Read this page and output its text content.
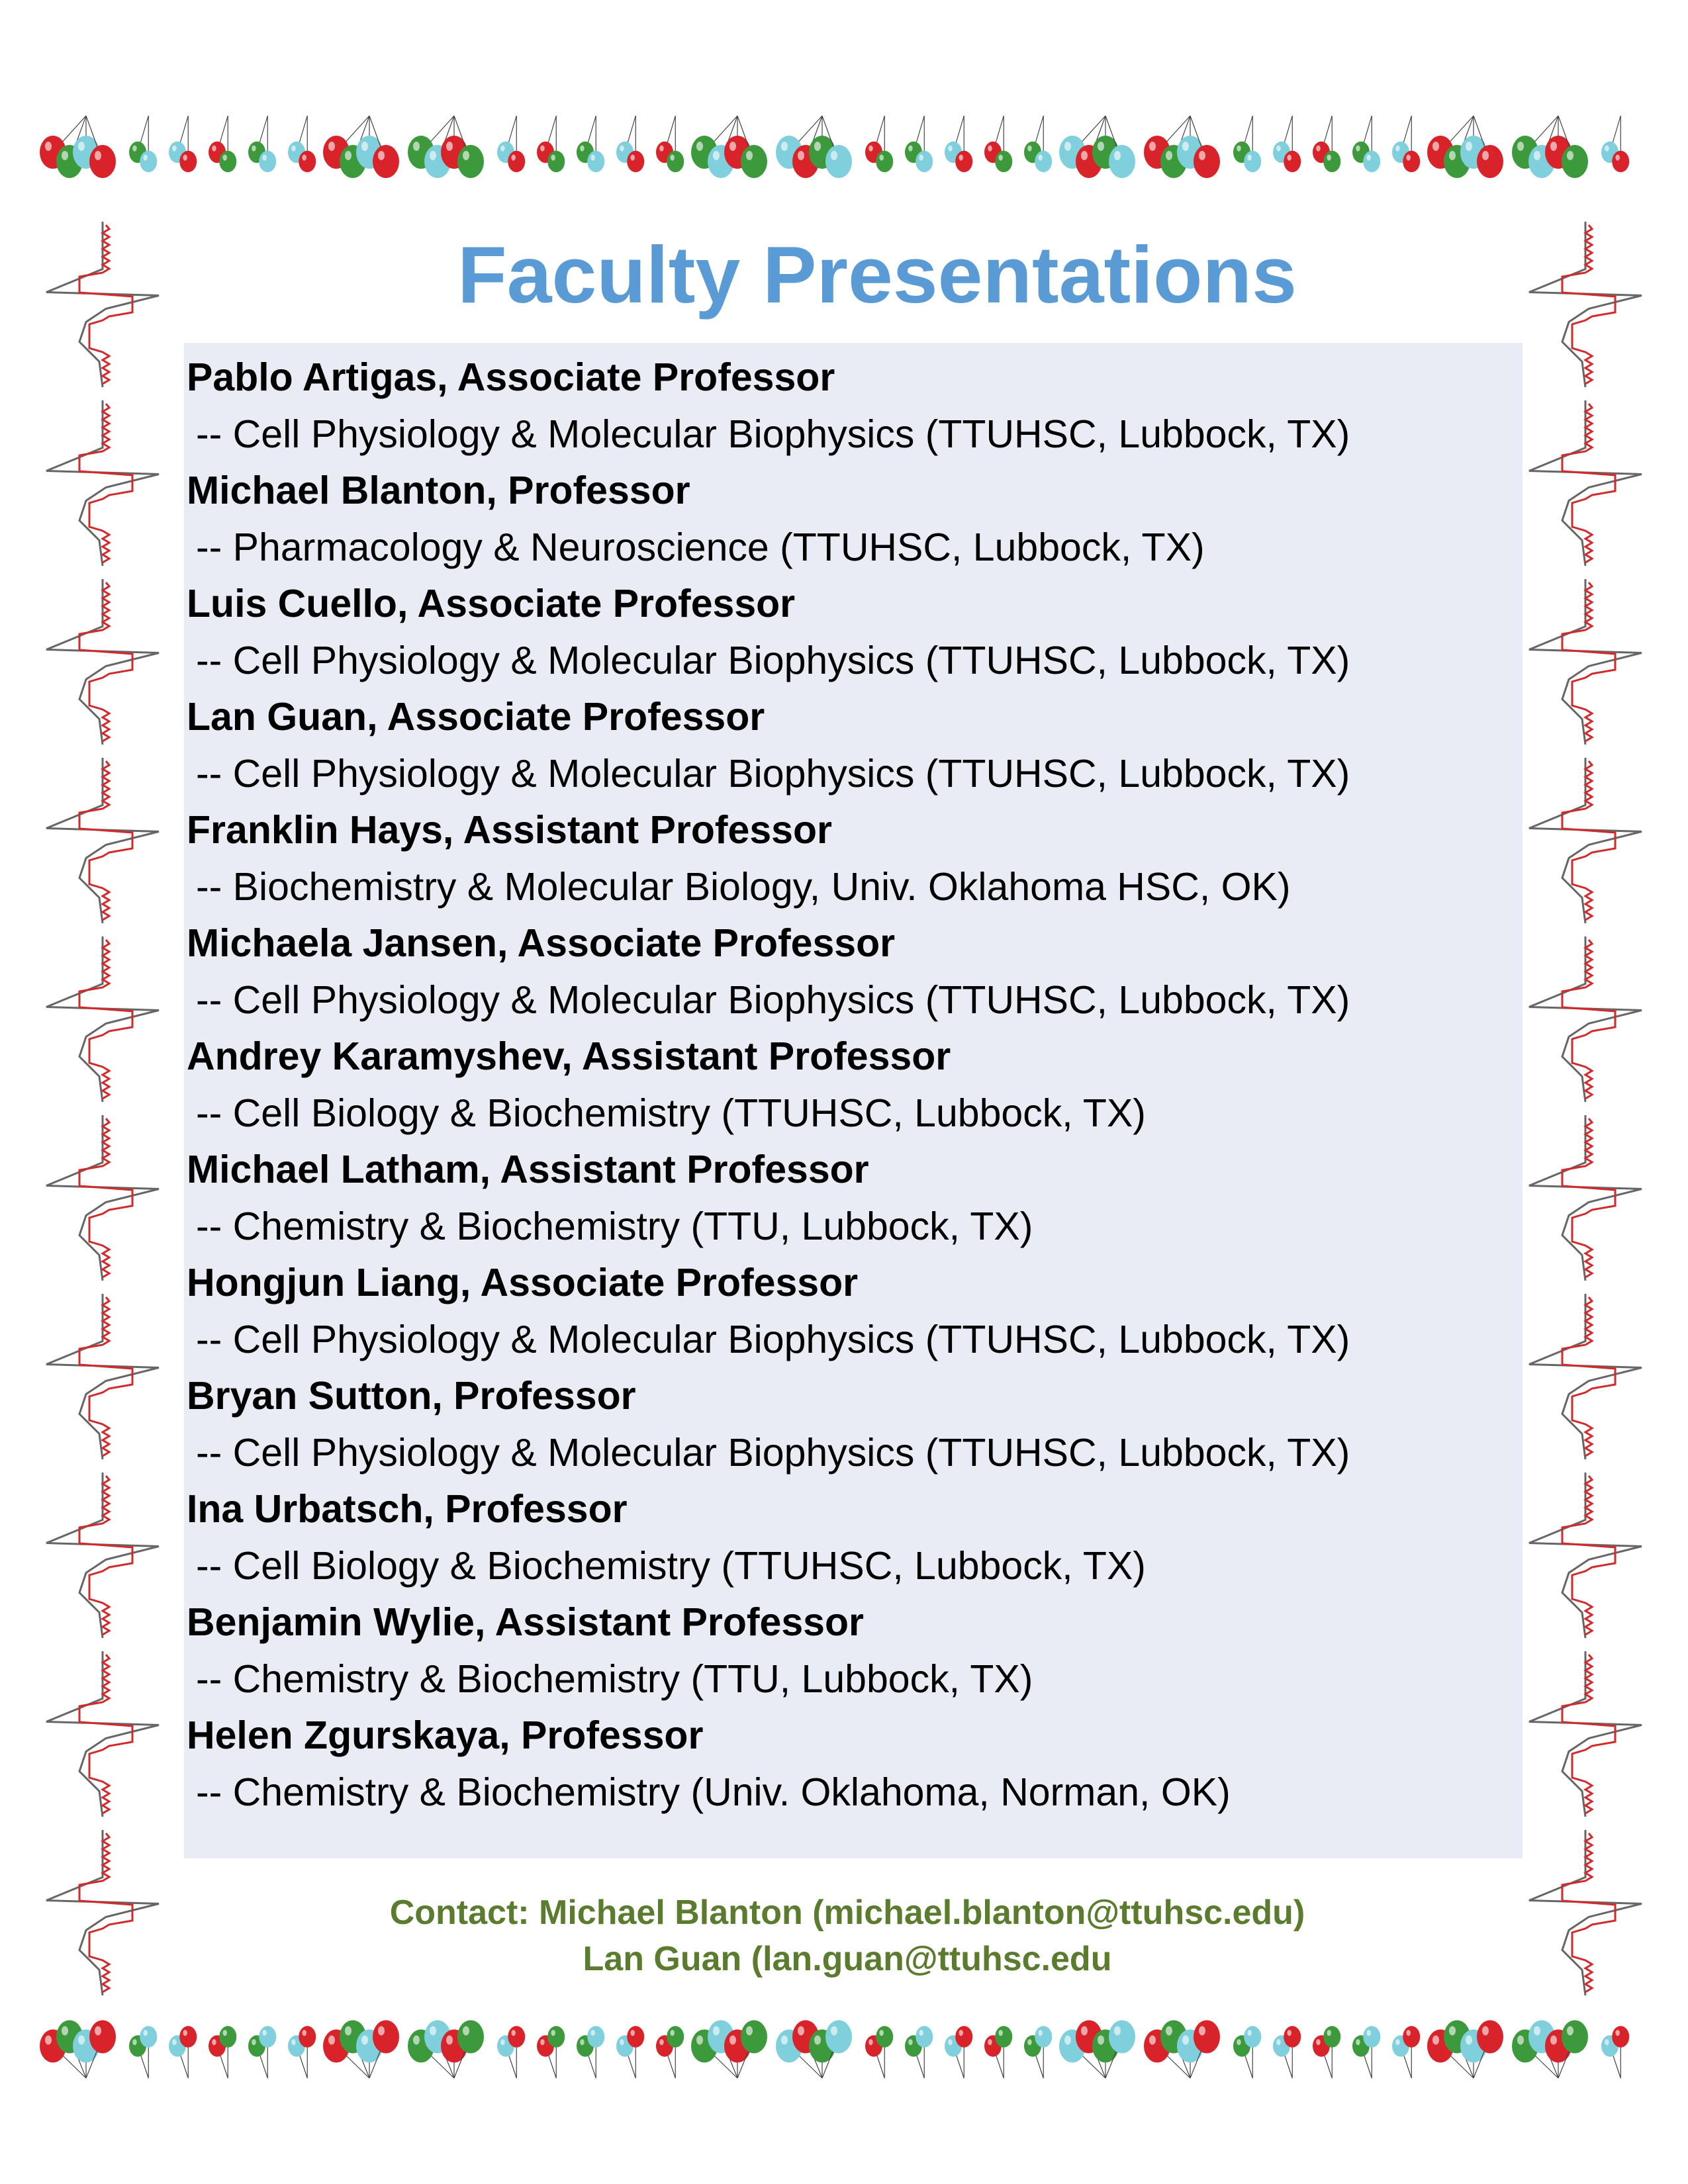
Faculty Presentations
Pablo Artigas, Associate Professor
-- Cell Physiology & Molecular Biophysics (TTUHSC, Lubbock, TX)
Michael Blanton, Professor
-- Pharmacology & Neuroscience (TTUHSC, Lubbock, TX)
Luis Cuello, Associate Professor
-- Cell Physiology & Molecular Biophysics (TTUHSC, Lubbock, TX)
Lan Guan, Associate Professor
-- Cell Physiology & Molecular Biophysics (TTUHSC, Lubbock, TX)
Franklin Hays, Assistant Professor
-- Biochemistry & Molecular Biology, Univ. Oklahoma HSC, OK)
Michaela Jansen, Associate Professor
-- Cell Physiology & Molecular Biophysics (TTUHSC, Lubbock, TX)
Andrey Karamyshev, Assistant Professor
-- Cell Biology & Biochemistry (TTUHSC, Lubbock, TX)
Michael Latham, Assistant Professor
-- Chemistry & Biochemistry (TTU, Lubbock, TX)
Hongjun Liang, Associate Professor
-- Cell Physiology & Molecular Biophysics (TTUHSC, Lubbock, TX)
Bryan Sutton, Professor
-- Cell Physiology & Molecular Biophysics (TTUHSC, Lubbock, TX)
Ina Urbatsch, Professor
-- Cell Biology & Biochemistry (TTUHSC, Lubbock, TX)
Benjamin Wylie, Assistant Professor
-- Chemistry & Biochemistry (TTU, Lubbock, TX)
Helen Zgurskaya, Professor
-- Chemistry & Biochemistry (Univ. Oklahoma, Norman, OK)
Contact: Michael Blanton (michael.blanton@ttuhsc.edu)
Lan Guan (lan.guan@ttuhsc.edu
